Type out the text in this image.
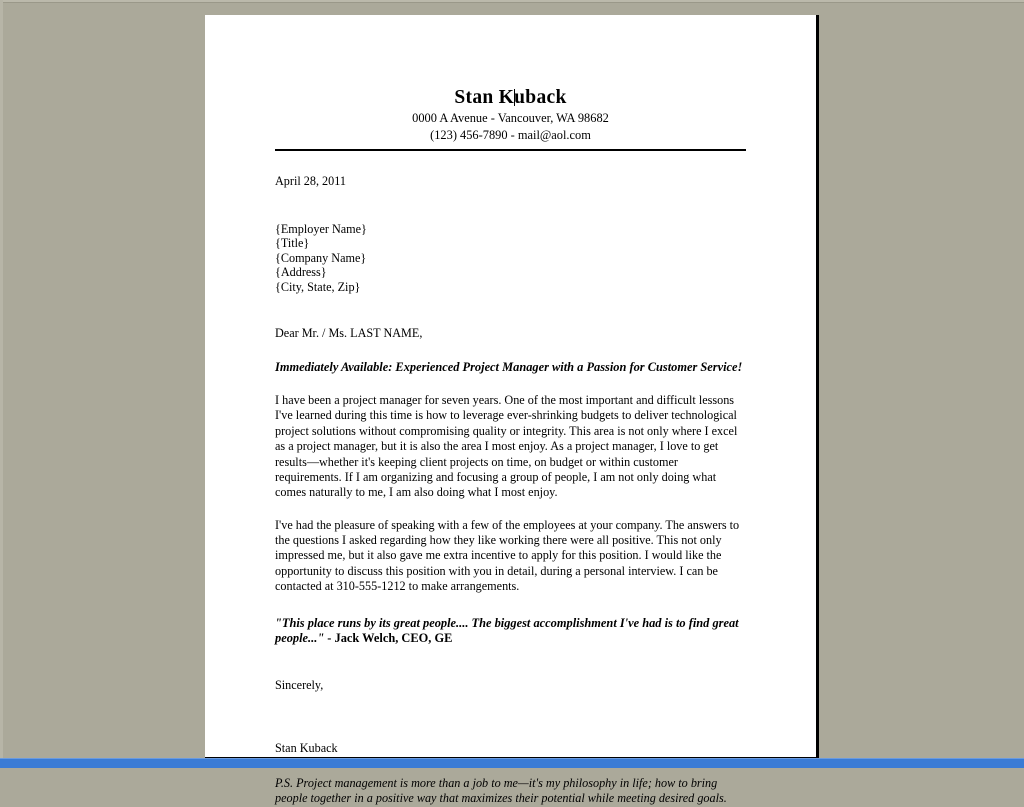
Stan Kuback
0000 A Avenue - Vancouver, WA 98682
(123) 456-7890 - mail@aol.com
April 28, 2011
{Employer Name}
{Title}
{Company Name}
{Address}
{City, State, Zip}
Dear Mr. / Ms. LAST NAME,
Immediately Available: Experienced Project Manager with a Passion for Customer Service!
I have been a project manager for seven years. One of the most important and difficult lessons I've learned during this time is how to leverage ever-shrinking budgets to deliver technological project solutions without compromising quality or integrity. This area is not only where I excel as a project manager, but it is also the area I most enjoy. As a project manager, I love to get results—whether it's keeping client projects on time, on budget or within customer requirements. If I am organizing and focusing a group of people, I am not only doing what comes naturally to me, I am also doing what I most enjoy.
I've had the pleasure of speaking with a few of the employees at your company. The answers to the questions I asked regarding how they like working there were all positive. This not only impressed me, but it also gave me extra incentive to apply for this position. I would like the opportunity to discuss this position with you in detail, during a personal interview. I can be contacted at 310-555-1212 to make arrangements.
"This place runs by its great people.... The biggest accomplishment I've had is to find great people..." - Jack Welch, CEO, GE
Sincerely,
Stan Kuback
P.S. Project management is more than a job to me—it's my philosophy in life; how to bring people together in a positive way that maximizes their potential while meeting desired goals.
